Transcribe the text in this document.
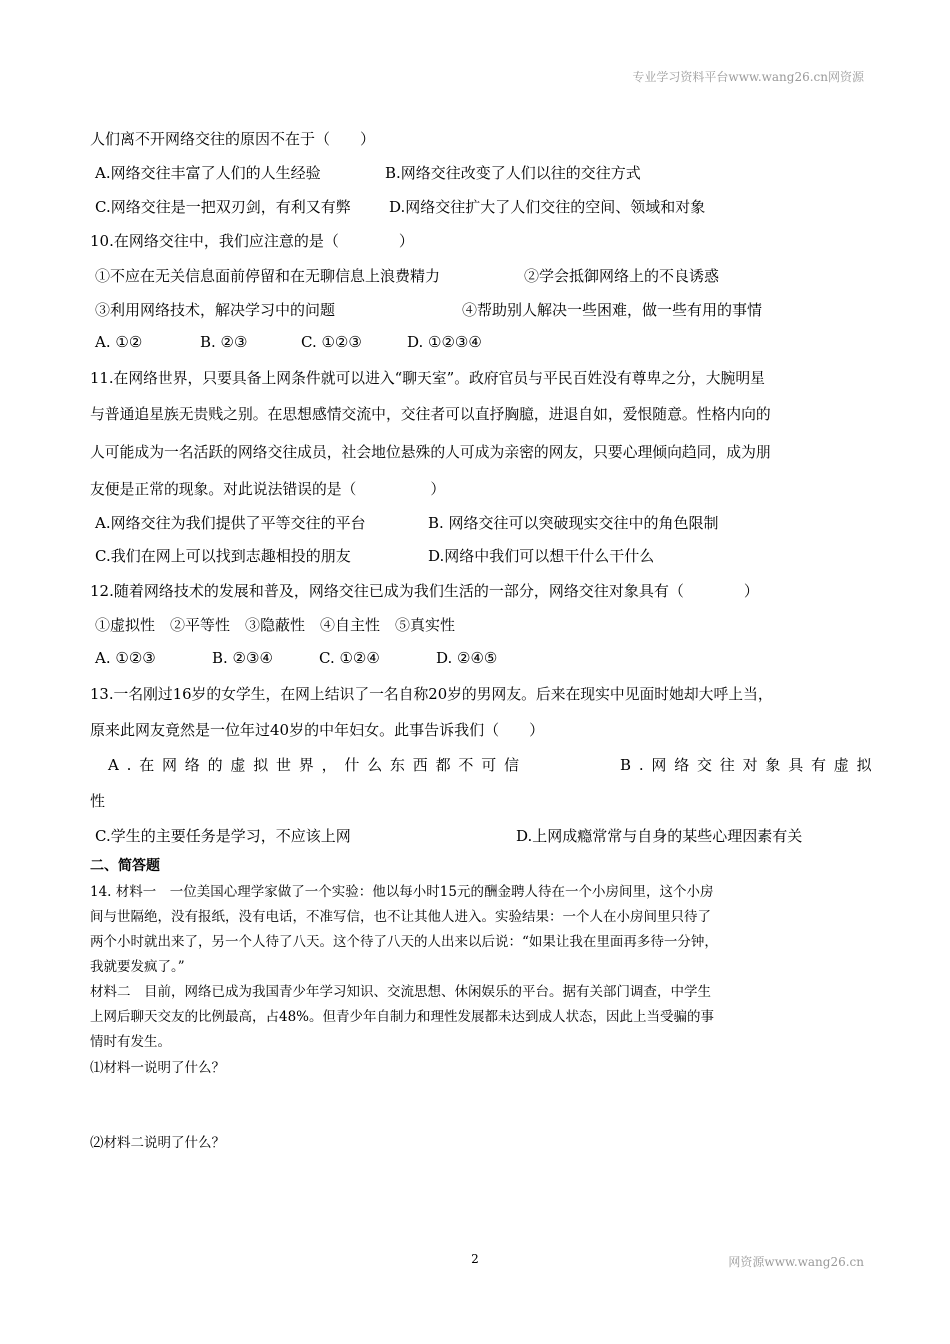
专业学习资料平台www.wang26.cn网资源
人们离不开网络交往的原因不在于（　　）
A.网络交往丰富了人们的人生经验	B.网络交往改变了人们以往的交往方式
C.网络交往是一把双刃剑，有利又有弊	D.网络交往扩大了人们交往的空间、领域和对象
10.在网络交往中，我们应注意的是（　　　　）
①不应在无关信息面前停留和在无聊信息上浪费精力	②学会抵御网络上的不良诱惑
③利用网络技术，解决学习中的问题	④帮助别人解决一些困难，做一些有用的事情
A. ①②	B. ②③	C. ①②③	D. ①②③④
11.在网络世界，只要具备上网条件就可以进入“聊天室”。政府官员与平民百姓没有尊卑之分，大腕明星
与普通追星族无贵贱之别。在思想感情交流中，交往者可以直抒胸臆，进退自如，爱恨随意。性格内向的
人可能成为一名活跃的网络交往成员，社会地位悬殊的人可成为亲密的网友，只要心理倾向趋同，成为朋
友便是正常的现象。对此说法错误的是（　　　　　）
A.网络交往为我们提供了平等交往的平台	B. 网络交往可以突破现实交往中的角色限制
C.我们在网上可以找到志趣相投的朋友	D.网络中我们可以想干什么干什么
12.随着网络技术的发展和普及，网络交往已成为我们生活的一部分，网络交往对象具有（　　　　）
①虚拟性　②平等性　③隐蔽性　④自主性　⑤真实性
A. ①②③	B. ②③④	C. ①②④	D. ②④⑤
13.一名刚过16岁的女学生，在网上结识了一名自称20岁的男网友。后来在现实中见面时她却大呼上当，
原来此网友竟然是一位年过40岁的中年妇女。此事告诉我们（　　）
A.在网络的虚拟世界，什么东西都不可信	B.网络交往对象具有虚拟
性
C.学生的主要任务是学习，不应该上网	D.上网成瘾常常与自身的某些心理因素有关
二、简答题
14. 材料一　一位美国心理学家做了一个实验：他以每小时15元的酬金聘人待在一个小房间里，这个小房
间与世隔绝，没有报纸，没有电话，不准写信，也不让其他人进入。实验结果：一个人在小房间里只待了
两个小时就出来了，另一个人待了八天。这个待了八天的人出来以后说：“如果让我在里面再多待一分钟，
我就要发疯了。”
材料二　目前，网络已成为我国青少年学习知识、交流思想、休闲娱乐的平台。据有关部门调查，中学生
上网后聊天交友的比例最高，占48%。但青少年自制力和理性发展都未达到成人状态，因此上当受骗的事
情时有发生。
⑴材料一说明了什么？
⑵材料二说明了什么？
2	网资源www.wang26.cn
